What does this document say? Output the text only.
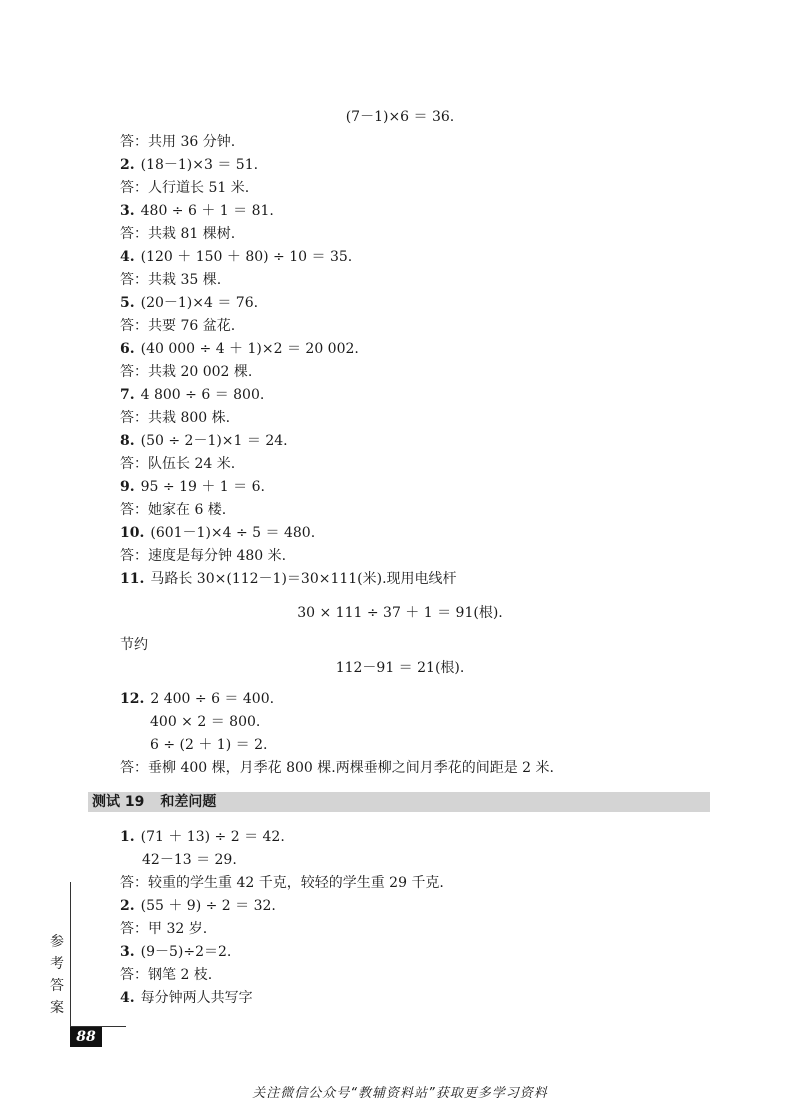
(7－1)×6 ＝ 36.
答：共用 36 分钟.
2. (18－1)×3 ＝ 51.
答：人行道长 51 米.
3. 480 ÷ 6 ＋ 1 ＝ 81.
答：共栽 81 棵树.
4. (120 ＋ 150 ＋ 80) ÷ 10 ＝ 35.
答：共栽 35 棵.
5. (20－1)×4 ＝ 76.
答：共要 76 盆花.
6. (40 000 ÷ 4 ＋ 1)×2 ＝ 20 002.
答：共栽 20 002 棵.
7. 4 800 ÷ 6 ＝ 800.
答：共栽 800 株.
8. (50 ÷ 2－1)×1 ＝ 24.
答：队伍长 24 米.
9. 95 ÷ 19 ＋ 1 ＝ 6.
答：她家在 6 楼.
10. (601－1)×4 ÷ 5 ＝ 480.
答：速度是每分钟 480 米.
11. 马路长 30×(112－1)＝30×111(米).现用电线杆
30 × 111 ÷ 37 ＋ 1 ＝ 91(根).
节约
112－91 ＝ 21(根).
12. 2 400 ÷ 6 ＝ 400.
400 × 2 ＝ 800.
6 ÷ (2 ＋ 1) ＝ 2.
答：垂柳 400 棵，月季花 800 棵.两棵垂柳之间月季花的间距是 2 米.
测试 19 和差问题
1. (71 ＋ 13) ÷ 2 ＝ 42.
42－13 ＝ 29.
答：较重的学生重 42 千克，较轻的学生重 29 千克.
2. (55 ＋ 9) ÷ 2 ＝ 32.
答：甲 32 岁.
3. (9－5)÷2＝2.
答：钢笔 2 枝.
4. 每分钟两人共写字
参
考
答
案
88
关注微信公众号“教辅资料站”获取更多学习资料
